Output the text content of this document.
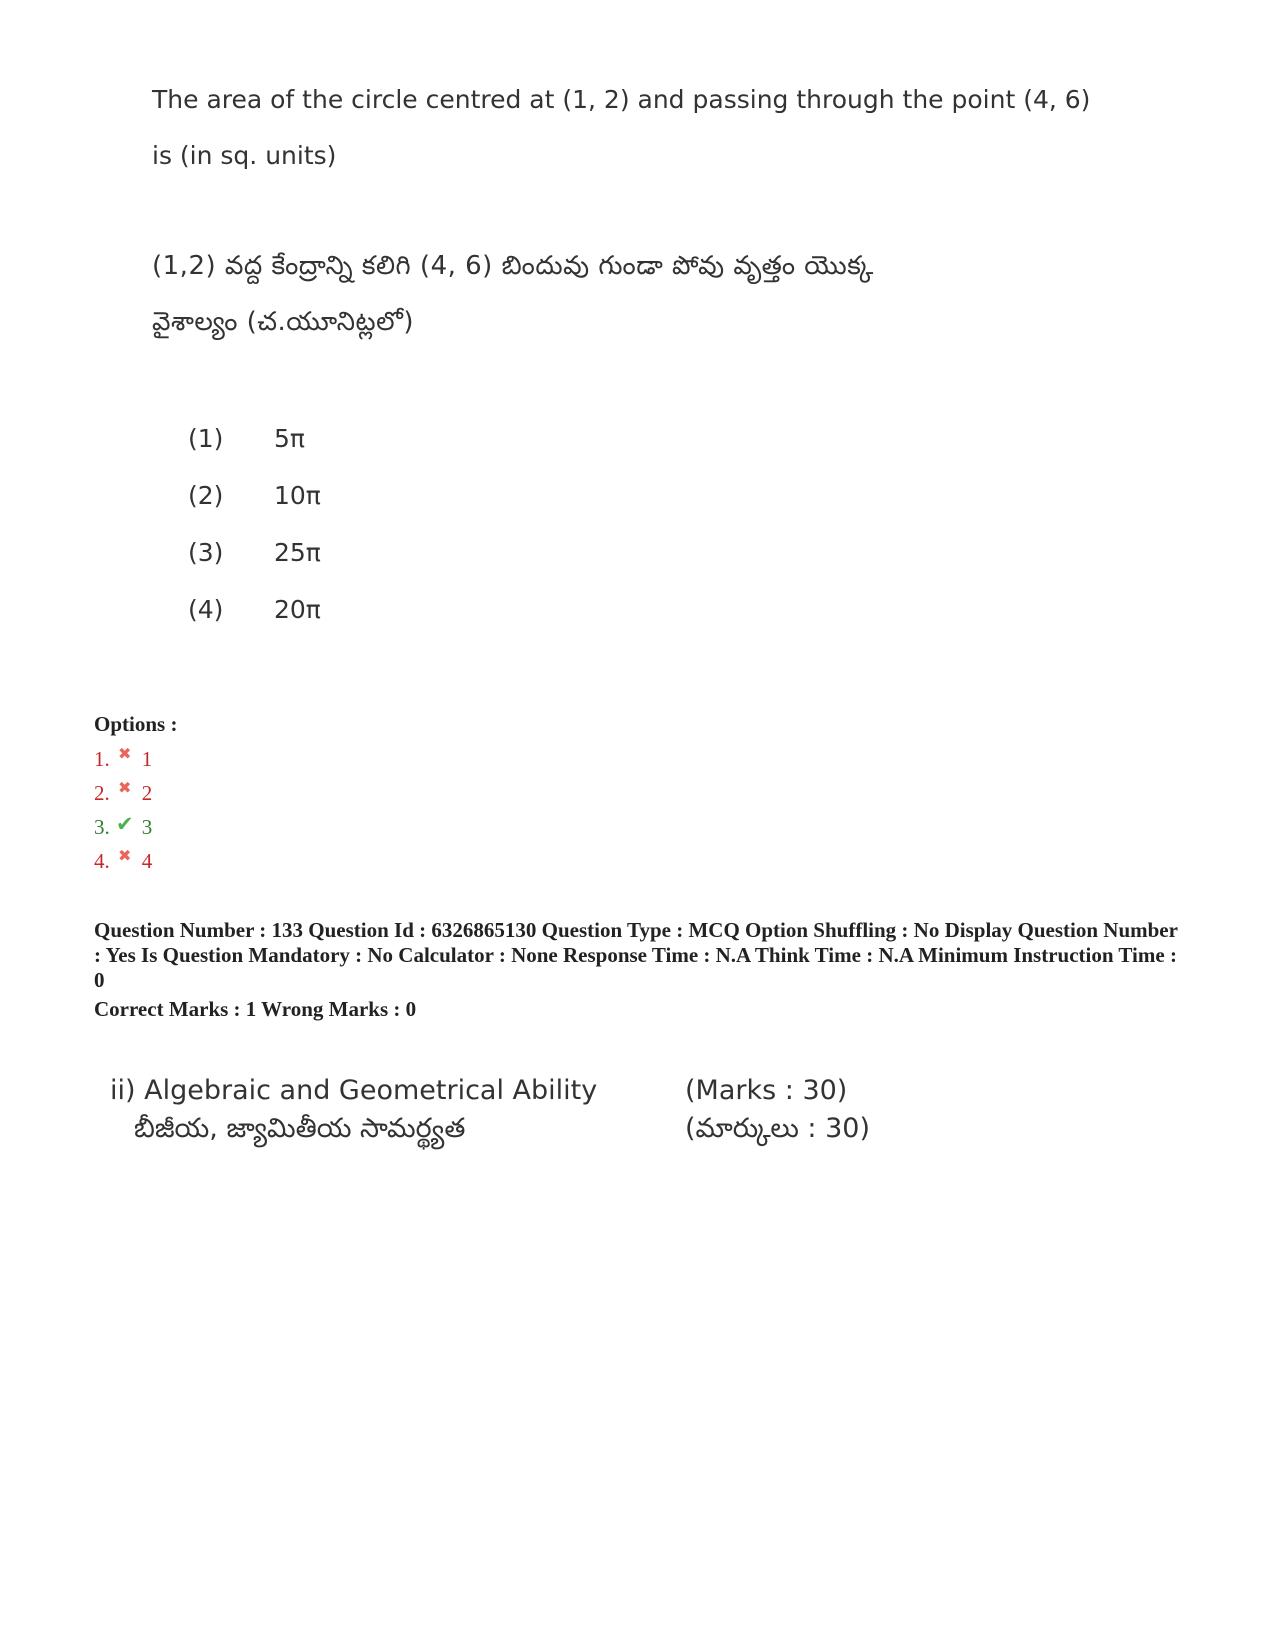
The area of the circle centred at (1, 2) and passing through the point (4, 6)
is (in sq. units)
(1,2) వద్ద కేంద్రాన్ని కలిగి (4, 6) బిందువు గుండా పోవు వృత్తం యొక్క
వైశాల్యం (చ.యూనిట్లలో)
(1)	5π
(2)	10π
(3)	25π
(4)	20π
Options :
1. ✖ 1
2. ✖ 2
3. ✔ 3
4. ✖ 4
Question Number : 133 Question Id : 6326865130 Question Type : MCQ Option Shuffling : No Display Question Number : Yes Is Question Mandatory : No Calculator : None Response Time : N.A Think Time : N.A Minimum Instruction Time : 0
Correct Marks : 1 Wrong Marks : 0
ii) Algebraic and Geometrical Ability
బీజీయ, జ్యామితీయ సామర్థ్యత
(Marks : 30)
(మార్కులు : 30)
